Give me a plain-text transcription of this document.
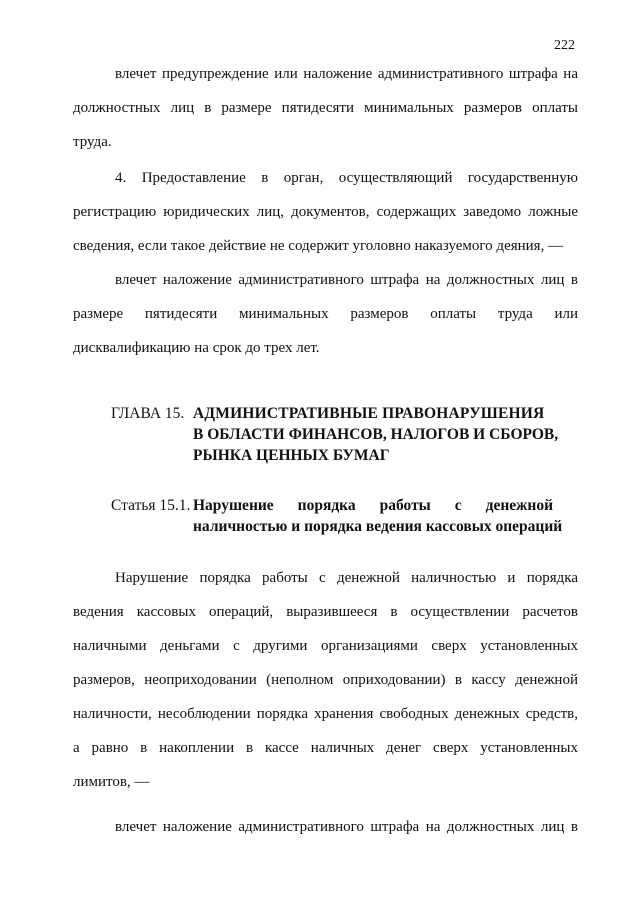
222
влечет предупреждение или наложение административного штрафа на
должностных лиц в размере пятидесяти минимальных размеров оплаты
труда.
4. Предоставление в орган, осуществляющий государственную
регистрацию юридических лиц, документов, содержащих заведомо ложные
сведения, если такое действие не содержит уголовно наказуемого деяния, —
влечет наложение административного штрафа на должностных лиц в
размере пятидесяти минимальных размеров оплаты труда или
дисквалификацию на срок до трех лет.
ГЛАВА 15. АДМИНИСТРАТИВНЫЕ ПРАВОНАРУШЕНИЯ
В ОБЛАСТИ ФИНАНСОВ, НАЛОГОВ И СБОРОВ,
РЫНКА ЦЕННЫХ БУМАГ
Статья 15.1. Нарушение порядка работы с денежной
наличностью и порядка ведения кассовых операций
Нарушение порядка работы с денежной наличностью и порядка
ведения кассовых операций, выразившееся в осуществлении расчетов
наличными деньгами с другими организациями сверх установленных
размеров, неоприходовании (неполном оприходовании) в кассу денежной
наличности, несоблюдении порядка хранения свободных денежных средств,
а равно в накоплении в кассе наличных денег сверх установленных
лимитов, —
влечет наложение административного штрафа на должностных лиц в
